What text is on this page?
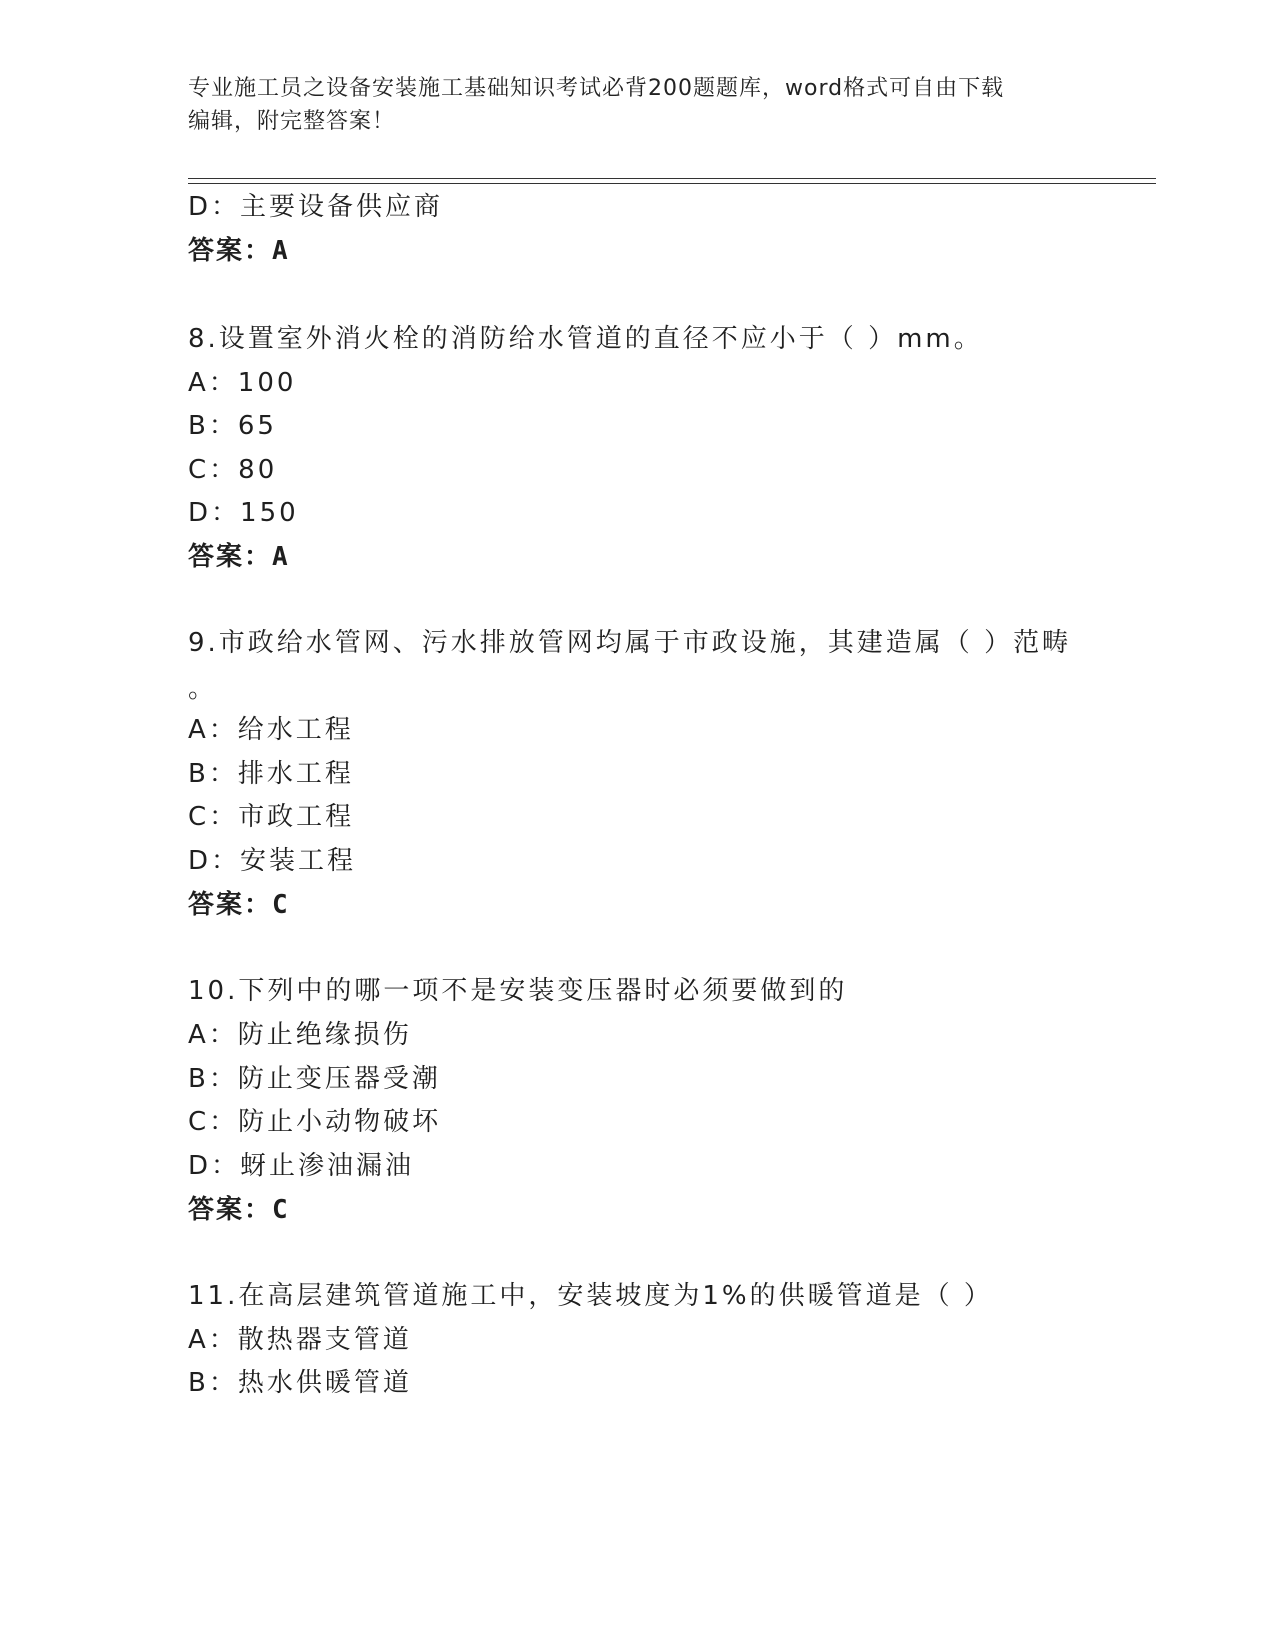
专业施工员之设备安装施工基础知识考试必背200题题库，word格式可自由下载
编辑，附完整答案！
D：主要设备供应商
答案：A
8.设置室外消火栓的消防给水管道的直径不应小于（ ）mm。
A：100
B：65
C：80
D：150
答案：A
9.市政给水管网、污水排放管网均属于市政设施，其建造属（ ）范畴
。
A：给水工程
B：排水工程
C：市政工程
D：安装工程
答案：C
10.下列中的哪一项不是安装变压器时必须要做到的
A：防止绝缘损伤
B：防止变压器受潮
C：防止小动物破坏
D：蚜止渗油漏油
答案：C
11.在高层建筑管道施工中，安装坡度为1%的供暖管道是（ ）
A：散热器支管道
B：热水供暖管道
